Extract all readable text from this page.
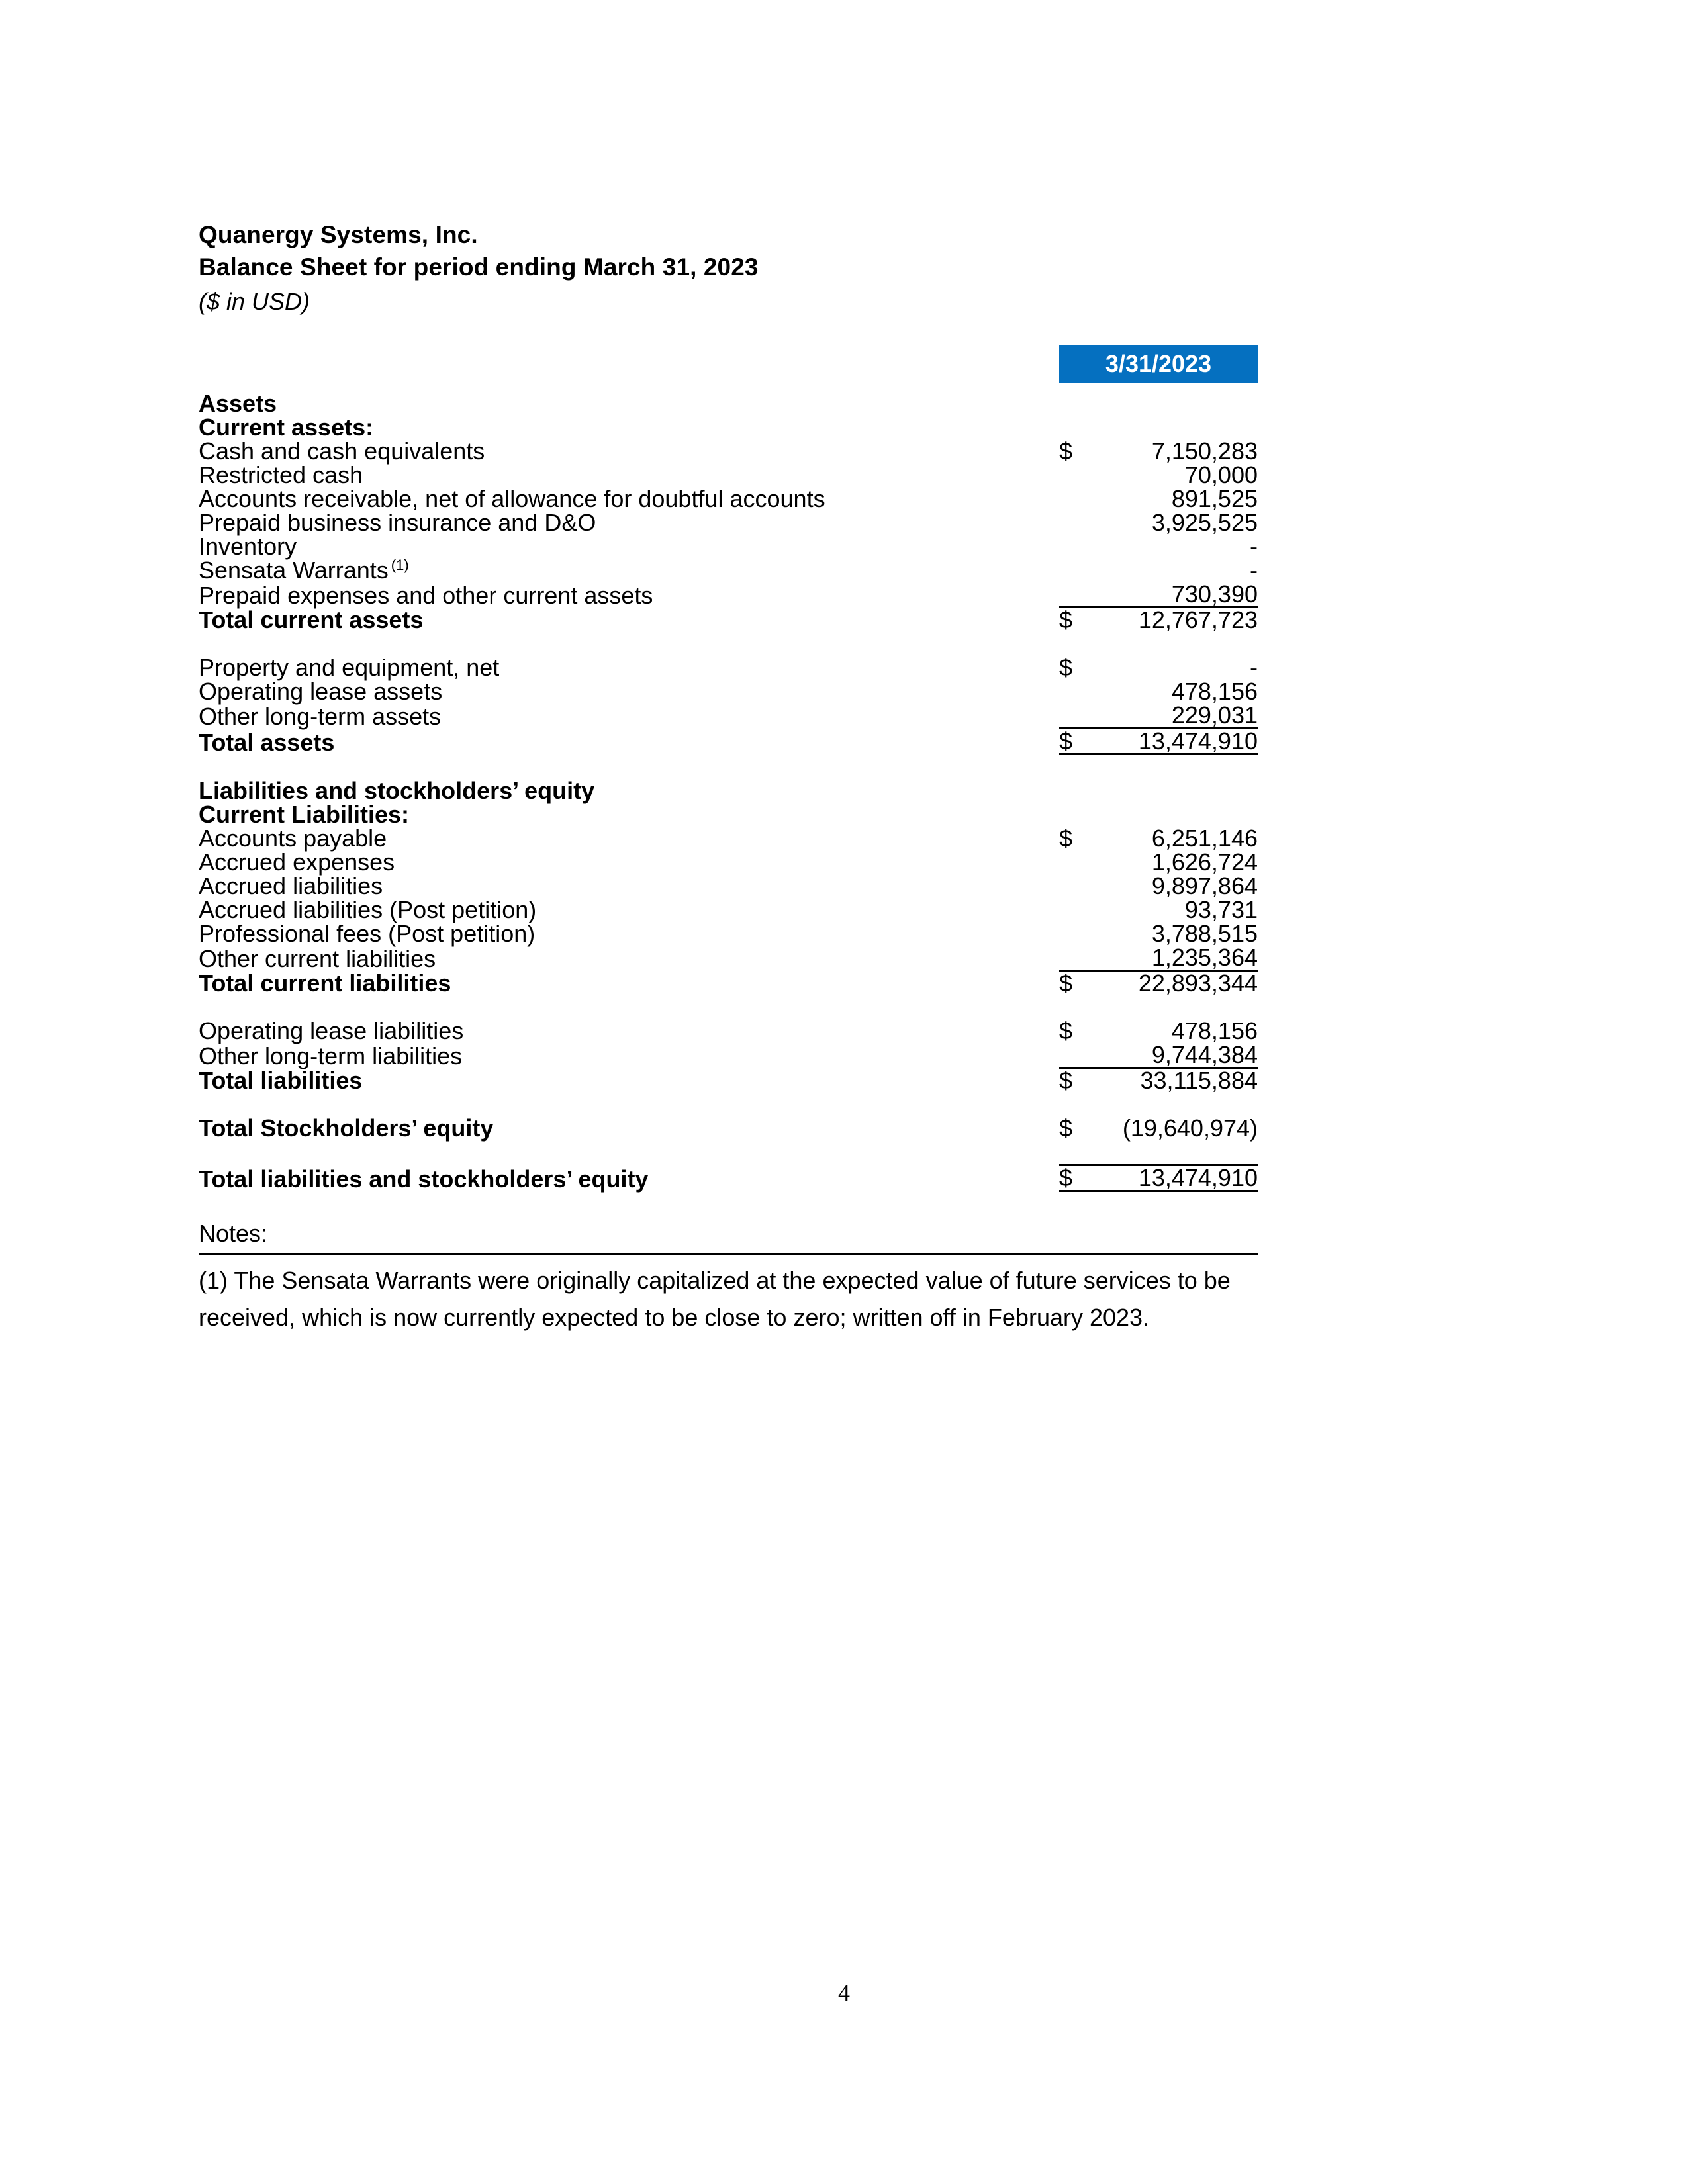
Quanergy Systems, Inc.
Balance Sheet for period ending March 31, 2023
($ in USD)
3/31/2023
Assets		
Current assets:		
Cash and cash equivalents	$	7,150,283
Restricted cash		70,000
Accounts receivable, net of allowance for doubtful accounts		891,525
Prepaid business insurance and D&O		3,925,525
Inventory		-
Sensata Warrants $^{(1)}$		-
Prepaid expenses and other current assets		730,390
Total current assets	$	12,767,723

Property and equipment, net	$	-
Operating lease assets		478,156
Other long-term assets		229,031
Total assets	$	13,474,910

Liabilities and stockholders’ equity		
Current Liabilities:		
Accounts payable	$	6,251,146
Accrued expenses		1,626,724
Accrued liabilities		9,897,864
Accrued liabilities (Post petition)		93,731
Professional fees (Post petition)		3,788,515
Other current liabilities		1,235,364
Total current liabilities	$	22,893,344

Operating lease liabilities	$	478,156
Other long-term liabilities		9,744,384
Total liabilities	$	33,115,884

Total Stockholders’ equity	$	(19,640,974)

Total liabilities and stockholders’ equity	$	13,474,910
Notes:
(1) The Sensata Warrants were originally capitalized at the expected value of future services to be received, which is now currently expected to be close to zero; written off in February 2023.
4
